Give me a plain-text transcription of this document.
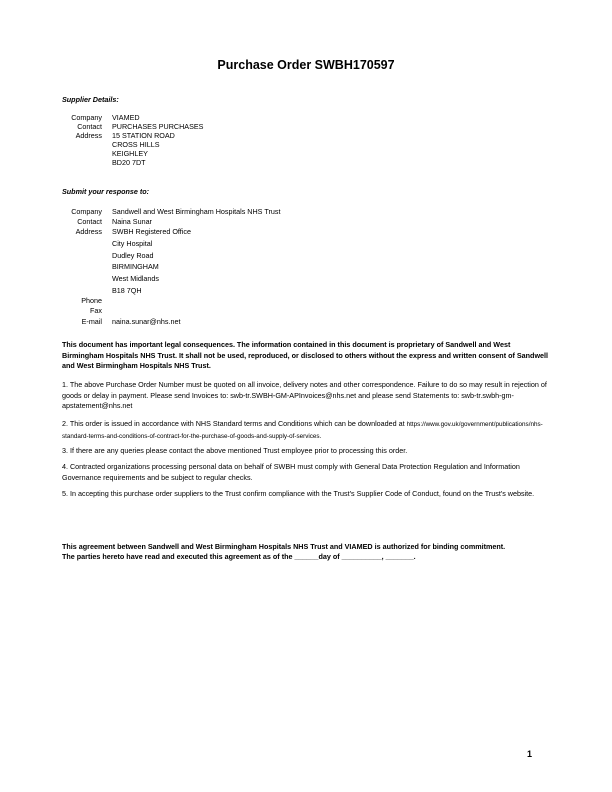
Purchase Order SWBH170597
Supplier Details:
Company VIAMED
Contact PURCHASES PURCHASES
Address 15 STATION ROAD
CROSS HILLS
KEIGHLEY
BD20 7DT
Submit your response to:
Company Sandwell and West Birmingham Hospitals NHS Trust
Contact Naina Sunar
Address SWBH Registered Office
City Hospital
Dudley Road
BIRMINGHAM
West Midlands
B18 7QH
Phone
Fax
E-mail naina.sunar@nhs.net
This document has important legal consequences. The information contained in this document is proprietary of Sandwell and West Birmingham Hospitals NHS Trust. It shall not be used, reproduced, or disclosed to others without the express and written consent of Sandwell and West Birmingham Hospitals NHS Trust.
1. The above Purchase Order Number must be quoted on all invoice, delivery notes and other correspondence. Failure to do so may result in rejection of goods or delay in payment. Please send Invoices to: swb-tr.SWBH-GM-APInvoices@nhs.net and please send Statements to: swb-tr.swbh-gm-apstatement@nhs.net
2. This order is issued in accordance with NHS Standard terms and Conditions which can be downloaded at https://www.gov.uk/government/publications/nhs-standard-terms-and-conditions-of-contract-for-the-purchase-of-goods-and-supply-of-services.
3. If there are any queries please contact the above mentioned Trust employee prior to processing this order.
4. Contracted organizations processing personal data on behalf of SWBH must comply with General Data Protection Regulation and Information Governance requirements and be subject to regular checks.
5. In accepting this purchase order suppliers to the Trust confirm compliance with the Trust's Supplier Code of Conduct, found on the Trust's website.
This agreement between Sandwell and West Birmingham Hospitals NHS Trust and VIAMED is authorized for binding commitment.
The parties hereto have read and executed this agreement as of the ______day of __________, _______.
1
